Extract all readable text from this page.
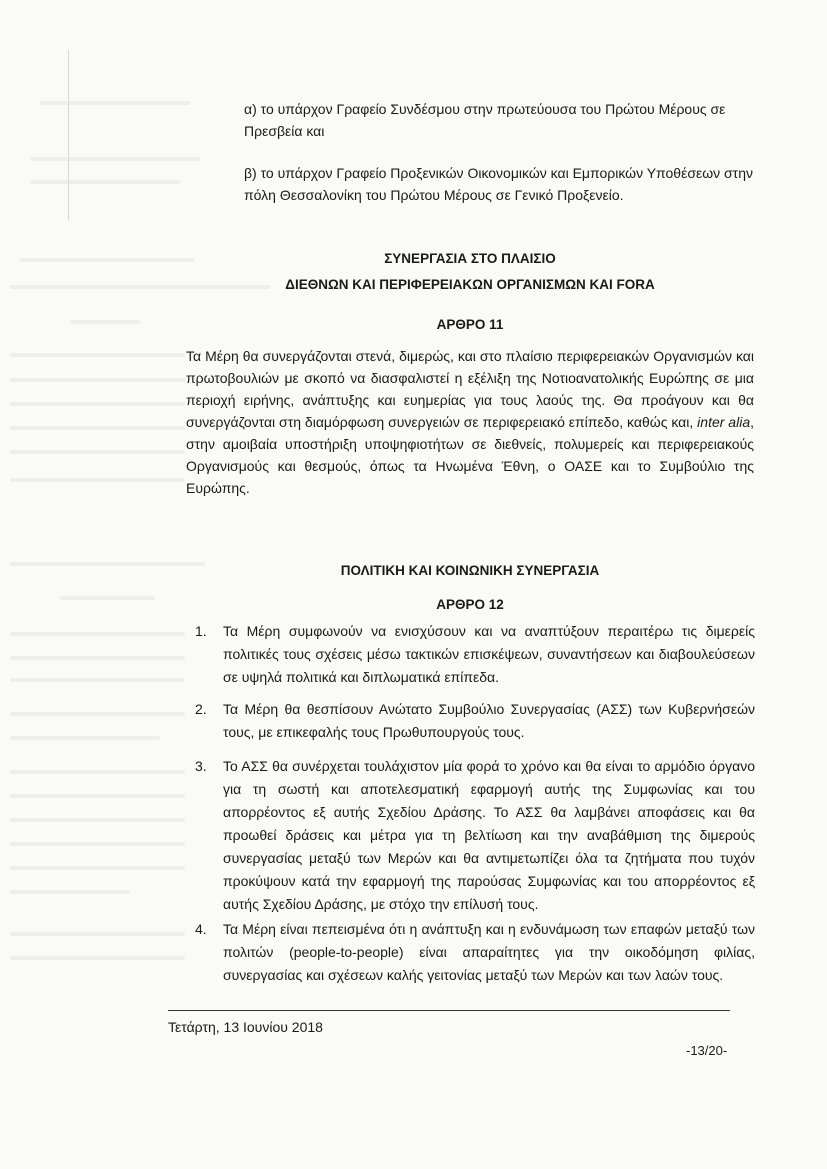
α) το υπάρχον Γραφείο Συνδέσμου στην πρωτεύουσα του Πρώτου Μέρους σε Πρεσβεία και
β) το υπάρχον Γραφείο Προξενικών Οικονομικών και Εμπορικών Υποθέσεων στην πόλη Θεσσαλονίκη του Πρώτου Μέρους σε Γενικό Προξενείο.
ΣΥΝΕΡΓΑΣΙΑ ΣΤΟ ΠΛΑΙΣΙΟ
ΔΙΕΘΝΩΝ ΚΑΙ ΠΕΡΙΦΕΡΕΙΑΚΩΝ ΟΡΓΑΝΙΣΜΩΝ ΚΑΙ FORA
ΑΡΘΡΟ 11
Τα Μέρη θα συνεργάζονται στενά, διμερώς, και στο πλαίσιο περιφερειακών Οργανισμών και πρωτοβουλιών με σκοπό να διασφαλιστεί η εξέλιξη της Νοτιοανατολικής Ευρώπης σε μια περιοχή ειρήνης, ανάπτυξης και ευημερίας για τους λαούς της. Θα προάγουν και θα συνεργάζονται στη διαμόρφωση συνεργειών σε περιφερειακό επίπεδο, καθώς και, inter alia, στην αμοιβαία υποστήριξη υποψηφιοτήτων σε διεθνείς, πολυμερείς και περιφερειακούς Οργανισμούς και θεσμούς, όπως τα Ηνωμένα Έθνη, ο ΟΑΣΕ και το Συμβούλιο της Ευρώπης.
ΠΟΛΙΤΙΚΗ ΚΑΙ ΚΟΙΝΩΝΙΚΗ ΣΥΝΕΡΓΑΣΙΑ
ΑΡΘΡΟ 12
1.	Τα Μέρη συμφωνούν να ενισχύσουν και να αναπτύξουν περαιτέρω τις διμερείς πολιτικές τους σχέσεις μέσω τακτικών επισκέψεων, συναντήσεων και διαβουλεύσεων σε υψηλά πολιτικά και διπλωματικά επίπεδα.
2.	Τα Μέρη θα θεσπίσουν Ανώτατο Συμβούλιο Συνεργασίας (ΑΣΣ) των Κυβερνήσεών τους, με επικεφαλής τους Πρωθυπουργούς τους.
3.	Το ΑΣΣ θα συνέρχεται τουλάχιστον μία φορά το χρόνο και θα είναι το αρμόδιο όργανο για τη σωστή και αποτελεσματική εφαρμογή αυτής της Συμφωνίας και του απορρέοντος εξ αυτής Σχεδίου Δράσης. Το ΑΣΣ θα λαμβάνει αποφάσεις και θα προωθεί δράσεις και μέτρα για τη βελτίωση και την αναβάθμιση της διμερούς συνεργασίας μεταξύ των Μερών και θα αντιμετωπίζει όλα τα ζητήματα που τυχόν προκύψουν κατά την εφαρμογή της παρούσας Συμφωνίας και του απορρέοντος εξ αυτής Σχεδίου Δράσης, με στόχο την επίλυσή τους.
4.	Τα Μέρη είναι πεπεισμένα ότι η ανάπτυξη και η ενδυνάμωση των επαφών μεταξύ των πολιτών (people-to-people) είναι απαραίτητες για την οικοδόμηση φιλίας, συνεργασίας και σχέσεων καλής γειτονίας μεταξύ των Μερών και των λαών τους.
Τετάρτη, 13 Ιουνίου 2018
-13/20-
